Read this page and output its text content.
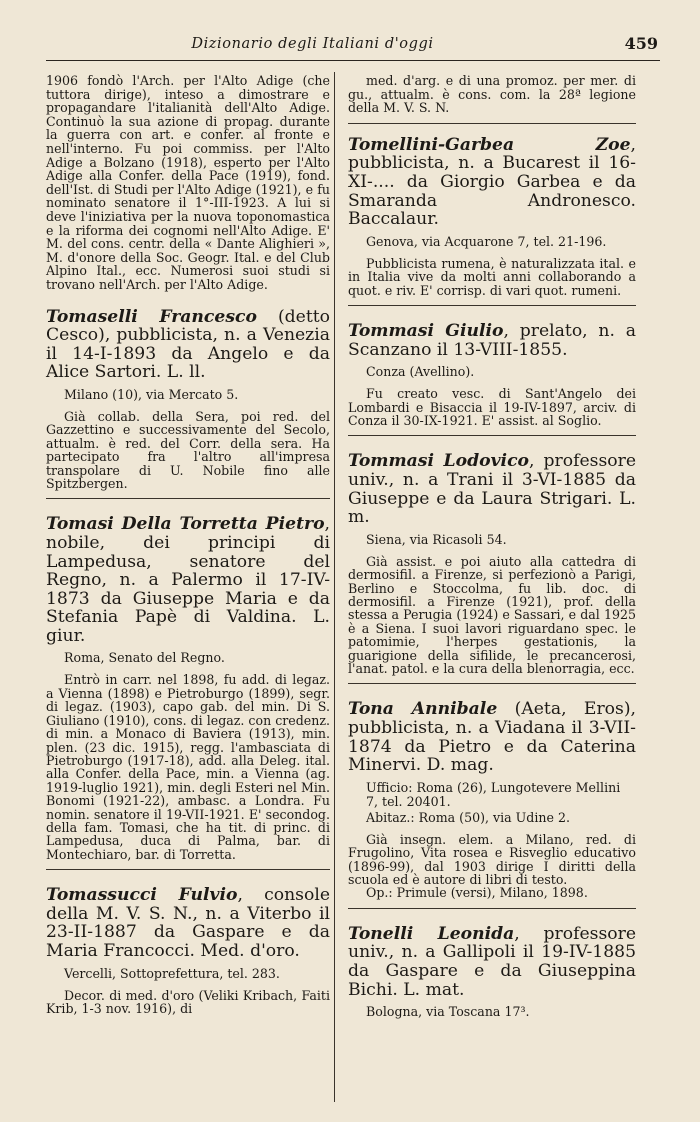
Dizionario degli Italiani d'oggi	459

1906 fondò l'Arch. per l'Alto Adige (che tuttora dirige), inteso a dimostrare e propagandare l'italianità dell'Alto Adige. Continuò la sua azione di propag. durante la guerra con art. e confer. al fronte e nell'interno. Fu poi commiss. per l'Alto Adige a Bolzano (1918), esperto per l'Alto Adige alla Confer. della Pace (1919), fond. dell'Ist. di Studi per l'Alto Adige (1921), e fu nominato senatore il 1°-III-1923. A lui si deve l'iniziativa per la nuova toponomastica e la riforma dei cognomi nell'Alto Adige. E' M. del cons. centr. della « Dante Alighieri », M. d'onore della Soc. Geogr. Ital. e del Club Alpino Ital., ecc. Numerosi suoi studi si trovano nell'Arch. per l'Alto Adige.

Tomaselli Francesco (detto Cesco), pubblicista, n. a Venezia il 14-I-1893 da Angelo e da Alice Sartori. L. ll.

Milano (10), via Mercato 5.

Già collab. della Sera, poi red. del Gazzettino e successivamente del Secolo, attualm. è red. del Corr. della sera. Ha partecipato fra l'altro all'impresa transpolare di U. Nobile fino alle Spitzbergen.

Tomasi Della Torretta Pietro, nobile, dei principi di Lampedusa, senatore del Regno, n. a Palermo il 17-IV-1873 da Giuseppe Maria e da Stefania Papè di Valdina. L. giur.

Roma, Senato del Regno.

Entrò in carr. nel 1898, fu add. di legaz. a Vienna (1898) e Pietroburgo (1899), segr. di legaz. (1903), capo gab. del min. Di S. Giuliano (1910), cons. di legaz. con credenz. di min. a Monaco di Baviera (1913), min. plen. (23 dic. 1915), regg. l'ambasciata di Pietroburgo (1917-18), add. alla Deleg. ital. alla Confer. della Pace, min. a Vienna (ag. 1919-luglio 1921), min. degli Esteri nel Min. Bonomi (1921-22), ambasc. a Londra. Fu nomin. senatore il 19-VII-1921. E' secondog. della fam. Tomasi, che ha tit. di princ. di Lampedusa, duca di Palma, bar. di Montechiaro, bar. di Torretta.

Tomassucci Fulvio, console della M. V. S. N., n. a Viterbo il 23-II-1887 da Gaspare e da Maria Francocci. Med. d'oro.

Vercelli, Sottoprefettura, tel. 283.

Decor. di med. d'oro (Veliki Kribach, Faiti Krib, 1-3 nov. 1916), di

med. d'arg. e di una promoz. per mer. di gu., attualm. è cons. com. la 28ª legione della M. V. S. N.

Tomellini-Garbea Zoe, pubblicista, n. a Bucarest il 16-XI-.... da Giorgio Garbea e da Smaranda Andronesco. Baccalaur.

Genova, via Acquarone 7, tel. 21-196.

Pubblicista rumena, è naturalizzata ital. e in Italia vive da molti anni collaborando a quot. e riv. E' corrisp. di vari quot. rumeni.

Tommasi Giulio, prelato, n. a Scanzano il 13-VIII-1855.

Conza (Avellino).

Fu creato vesc. di Sant'Angelo dei Lombardi e Bisaccia il 19-IV-1897, arciv. di Conza il 30-IX-1921. E' assist. al Soglio.

Tommasi Lodovico, professore univ., n. a Trani il 3-VI-1885 da Giuseppe e da Laura Strigari. L. m.

Siena, via Ricasoli 54.

Già assist. e poi aiuto alla cattedra di dermosifil. a Firenze, si perfezionò a Parigi, Berlino e Stoccolma, fu lib. doc. di dermosifil. a Firenze (1921), prof. della stessa a Perugia (1924) e Sassari, e dal 1925 è a Siena. I suoi lavori riguardano spec. le patomimie, l'herpes gestationis, la guarigione della sifilide, le precancerosi, l'anat. patol. e la cura della blenorragia, ecc.

Tona Annibale (Aeta, Eros), pubblicista, n. a Viadana il 3-VII-1874 da Pietro e da Caterina Minervi. D. mag.

Ufficio: Roma (26), Lungotevere Mellini 7, tel. 20401.

Abitaz.: Roma (50), via Udine 2.

Già insegn. elem. a Milano, red. di Frugolino, Vita rosea e Risveglio educativo (1896-99), dal 1903 dirige I diritti della scuola ed è autore di libri di testo.

Op.: Primule (versi), Milano, 1898.

Tonelli Leonida, professore univ., n. a Gallipoli il 19-IV-1885 da Gaspare e da Giuseppina Bichi. L. mat.

Bologna, via Toscana 17³.
